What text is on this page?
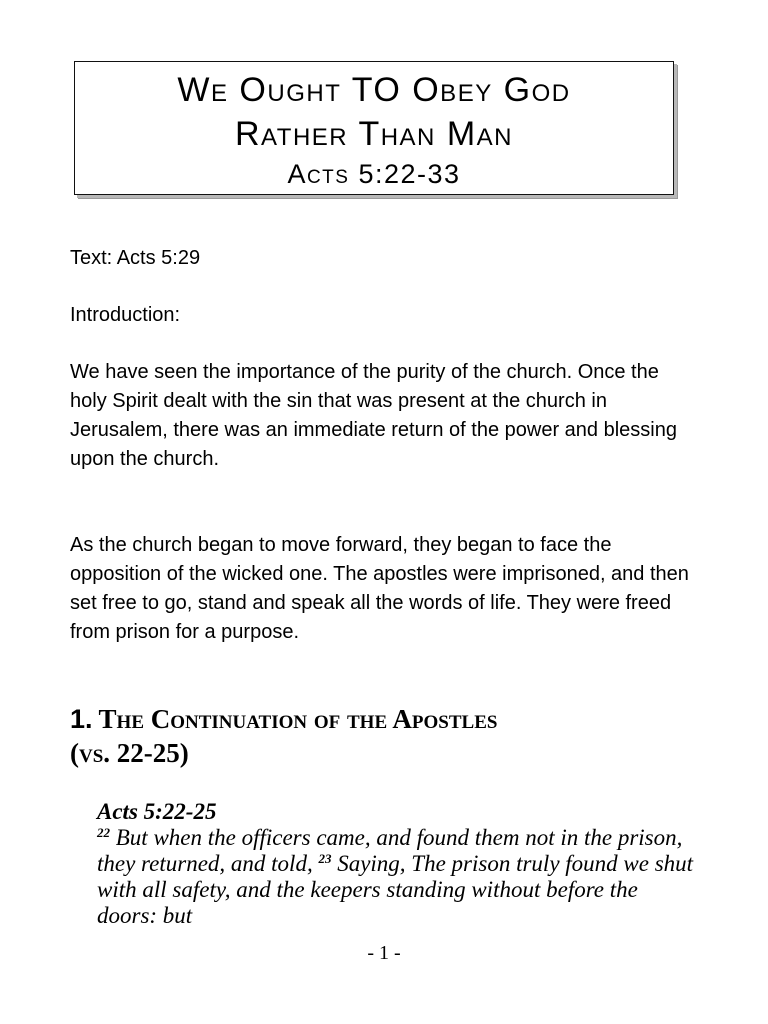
We Ought TO Obey God

Rather Than Man

Acts 5:22-33

Text: Acts 5:29

Introduction:

We have seen the importance of the purity of the church. Once the holy Spirit dealt with the sin that was present at the church in Jerusalem, there was an immediate return of the power and blessing upon the church.

As the church began to move forward, they began to face the opposition of the wicked one. The apostles were imprisoned, and then set free to go, stand and speak all the words of life. They were freed from prison for a purpose.

1. The Continuation of the Apostles
(vs. 22-25)
Acts 5:22-25
$^{22}$ But when the officers came, and found them not in the prison, they returned, and told, $^{23}$ Saying, The prison truly found we shut with all safety, and the keepers standing without before the doors: but

- 1 -
